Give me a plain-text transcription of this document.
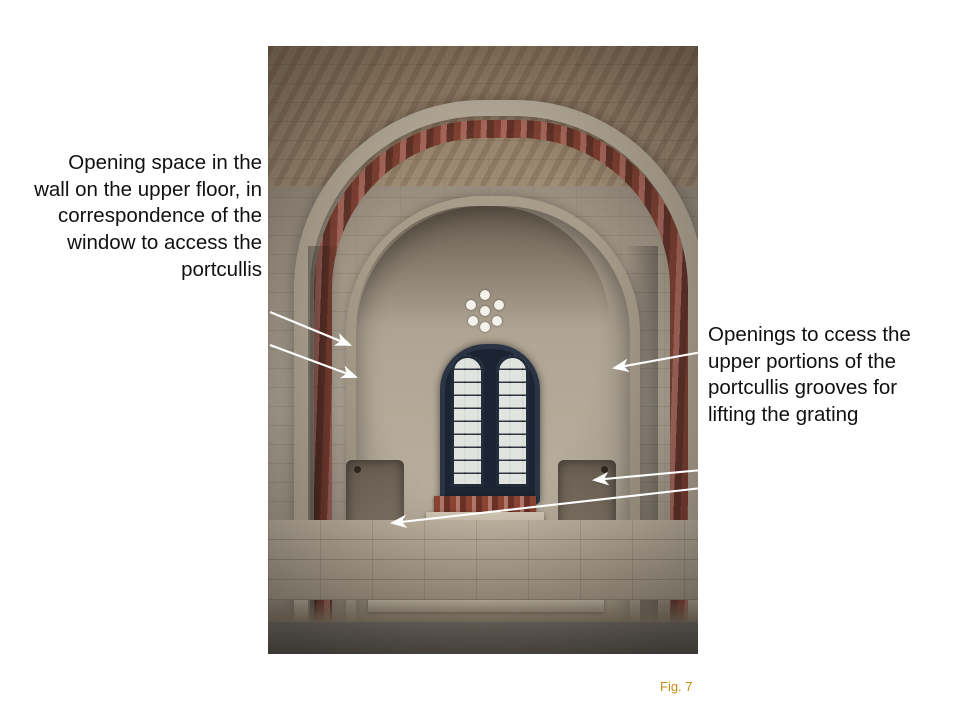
Opening space in the wall on the upper floor, in correspondence of the window to access the portcullis
Openings to ccess the upper portions of the portcullis grooves for lifting the grating
Fig. 7
